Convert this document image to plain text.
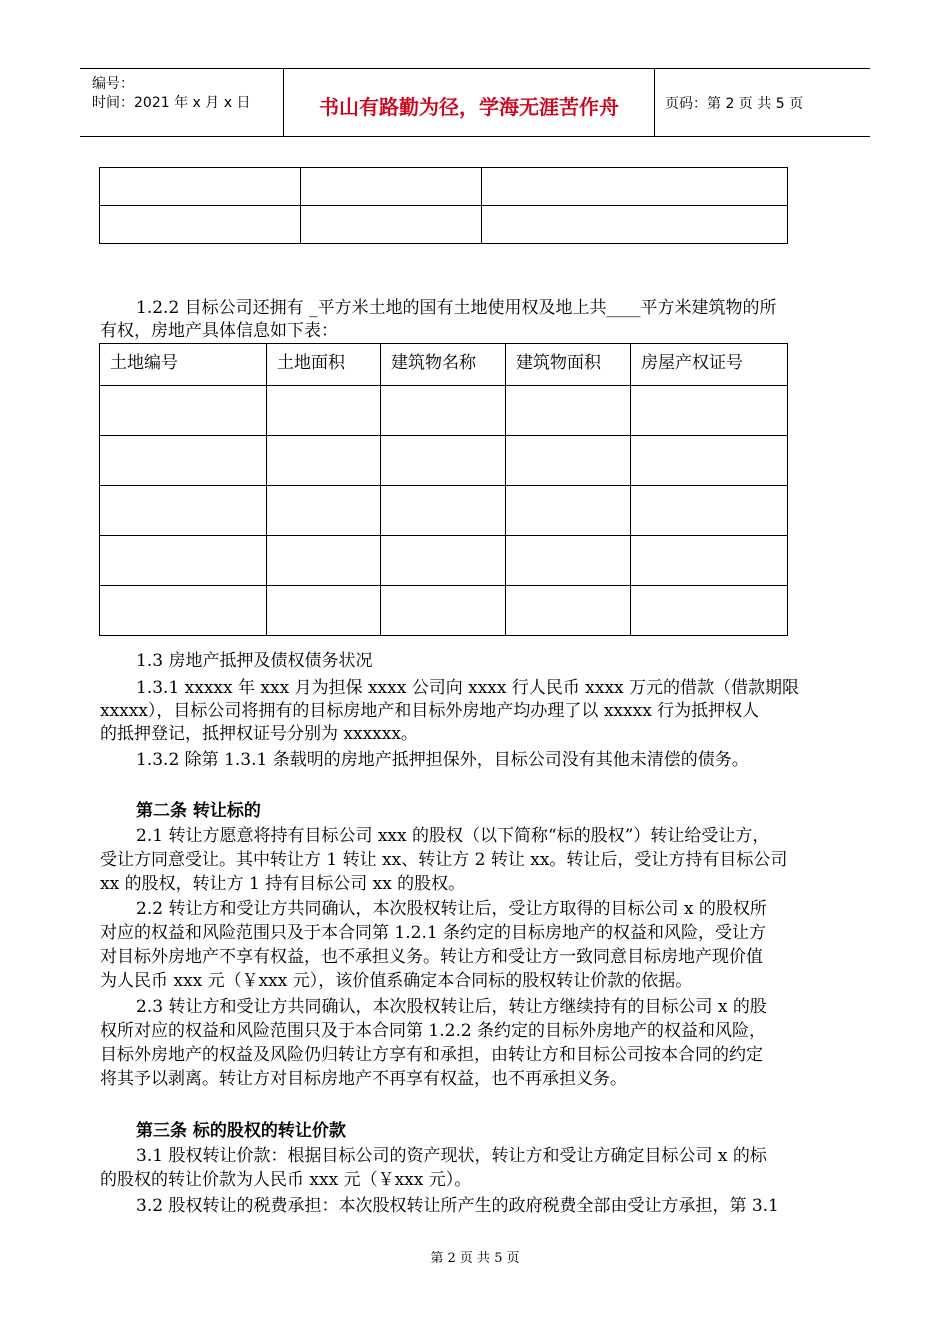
编号：
时间：2021 年 x 月 x 日	书山有路勤为径，学海无涯苦作舟	页码：第 2 页 共 5 页

1.2.2 目标公司还拥有 _平方米土地的国有土地使用权及地上共____平方米建筑物的所
有权，房地产具体信息如下表：
土地编号	土地面积	建筑物名称	建筑物面积	房屋产权证号

1.3 房地产抵押及债权债务状况
1.3.1 xxxxx 年 xxx 月为担保 xxxx 公司向 xxxx 行人民币 xxxx 万元的借款（借款期限
xxxxx），目标公司将拥有的目标房地产和目标外房地产均办理了以 xxxxx 行为抵押权人
的抵押登记，抵押权证号分别为 xxxxxx。
1.3.2 除第 1.3.1 条载明的房地产抵押担保外，目标公司没有其他未清偿的债务。
第二条 转让标的
2.1 转让方愿意将持有目标公司 xxx 的股权（以下简称“标的股权”）转让给受让方，
受让方同意受让。其中转让方 1 转让 xx、转让方 2 转让 xx。转让后，受让方持有目标公司
xx 的股权，转让方 1 持有目标公司 xx 的股权。
2.2 转让方和受让方共同确认，本次股权转让后，受让方取得的目标公司 x 的股权所
对应的权益和风险范围只及于本合同第 1.2.1 条约定的目标房地产的权益和风险，受让方
对目标外房地产不享有权益，也不承担义务。转让方和受让方一致同意目标房地产现价值
为人民币 xxx 元（￥xxx 元），该价值系确定本合同标的股权转让价款的依据。
2.3 转让方和受让方共同确认，本次股权转让后，转让方继续持有的目标公司 x 的股
权所对应的权益和风险范围只及于本合同第 1.2.2 条约定的目标外房地产的权益和风险，
目标外房地产的权益及风险仍归转让方享有和承担，由转让方和目标公司按本合同的约定
将其予以剥离。转让方对目标房地产不再享有权益，也不再承担义务。
第三条 标的股权的转让价款
3.1 股权转让价款：根据目标公司的资产现状，转让方和受让方确定目标公司 x 的标
的股权的转让价款为人民币 xxx 元（￥xxx 元）。
3.2 股权转让的税费承担：本次股权转让所产生的政府税费全部由受让方承担，第 3.1
第 2 页 共 5 页
